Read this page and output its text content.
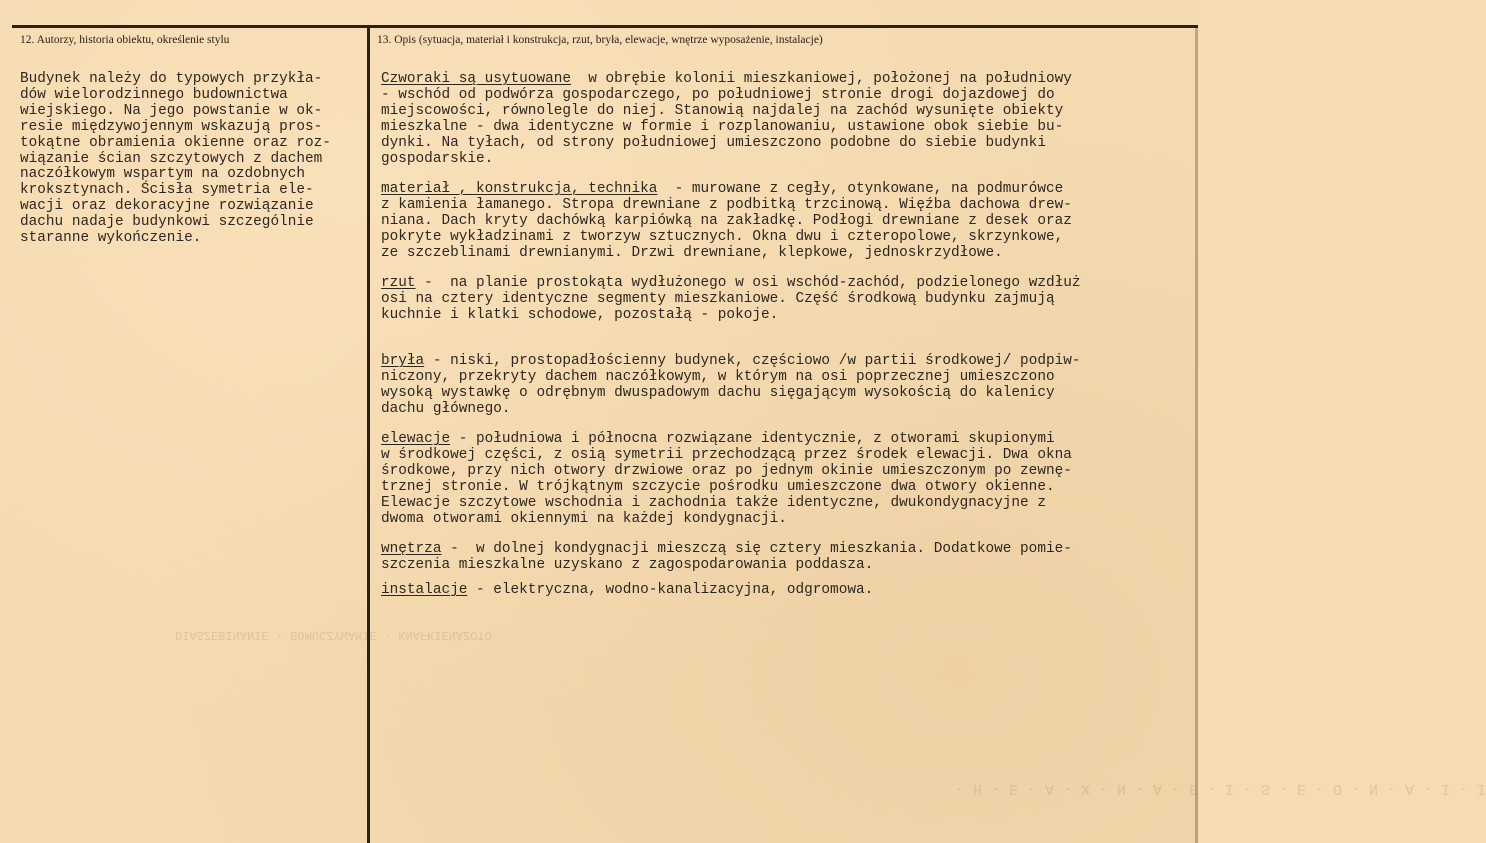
DIASZEBINANIE · BOMUCZYWAMIE · KNAFKIENAZOTO
· H · E · A · X · N · A · E · I · S · E · O · N · A · I · I
12. Autorzy, historia obiektu, określenie stylu	13. Opis (sytuacja, materiał i konstrukcja, rzut, bryła, elewacje, wnętrze wyposażenie, instalacje)
Budynek należy do typowych przykła-
dów wielorodzinnego budownictwa
wiejskiego. Na jego powstanie w ok-
resie międzywojennym wskazują pros-
tokątne obramienia okienne oraz roz-
wiązanie ścian szczytowych z dachem
naczółkowym wspartym na ozdobnych
kroksztynach. Ścisła symetria ele-
wacji oraz dekoracyjne rozwiązanie
dachu nadaje budynkowi szczególnie
staranne wykończenie.
Czworaki są usytuowane  w obrębie kolonii mieszkaniowej, położonej na południowy
- wschód od podwórza gospodarczego, po południowej stronie drogi dojazdowej do
miejscowości, równolegle do niej. Stanowią najdalej na zachód wysunięte obiekty
mieszkalne - dwa identyczne w formie i rozplanowaniu, ustawione obok siebie bu-
dynki. Na tyłach, od strony południowej umieszczono podobne do siebie budynki
gospodarskie.
materiał , konstrukcja, technika  - murowane z cegły, otynkowane, na podmurówce
z kamienia łamanego. Stropa drewniane z podbitką trzcinową. Więźba dachowa drew-
niana. Dach kryty dachówką karpiówką na zakładkę. Podłogi drewniane z desek oraz
pokryte wykładzinami z tworzyw sztucznych. Okna dwu i czteropolowe, skrzynkowe,
ze szczeblinami drewnianymi. Drzwi drewniane, klepkowe, jednoskrzydłowe.
rzut -  na planie prostokąta wydłużonego w osi wschód-zachód, podzielonego wzdłuż
osi na cztery identyczne segmenty mieszkaniowe. Część środkową budynku zajmują
kuchnie i klatki schodowe, pozostałą - pokoje.
bryła - niski, prostopadłościenny budynek, częściowo /w partii środkowej/ podpiw-
niczony, przekryty dachem naczółkowym, w którym na osi poprzecznej umieszczono
wysoką wystawkę o odrębnym dwuspadowym dachu sięgającym wysokością do kalenicy
dachu głównego.
elewacje - południowa i północna rozwiązane identycznie, z otworami skupionymi
w środkowej części, z osią symetrii przechodzącą przez środek elewacji. Dwa okna
środkowe, przy nich otwory drzwiowe oraz po jednym okinie umieszczonym po zewnę-
trznej stronie. W trójkątnym szczycie pośrodku umieszczone dwa otwory okienne.
Elewacje szczytowe wschodnia i zachodnia także identyczne, dwukondygnacyjne z
dwoma otworami okiennymi na każdej kondygnacji.
wnętrza -  w dolnej kondygnacji mieszczą się cztery mieszkania. Dodatkowe pomie-
szczenia mieszkalne uzyskano z zagospodarowania poddasza.
instalacje - elektryczna, wodno-kanalizacyjna, odgromowa.
